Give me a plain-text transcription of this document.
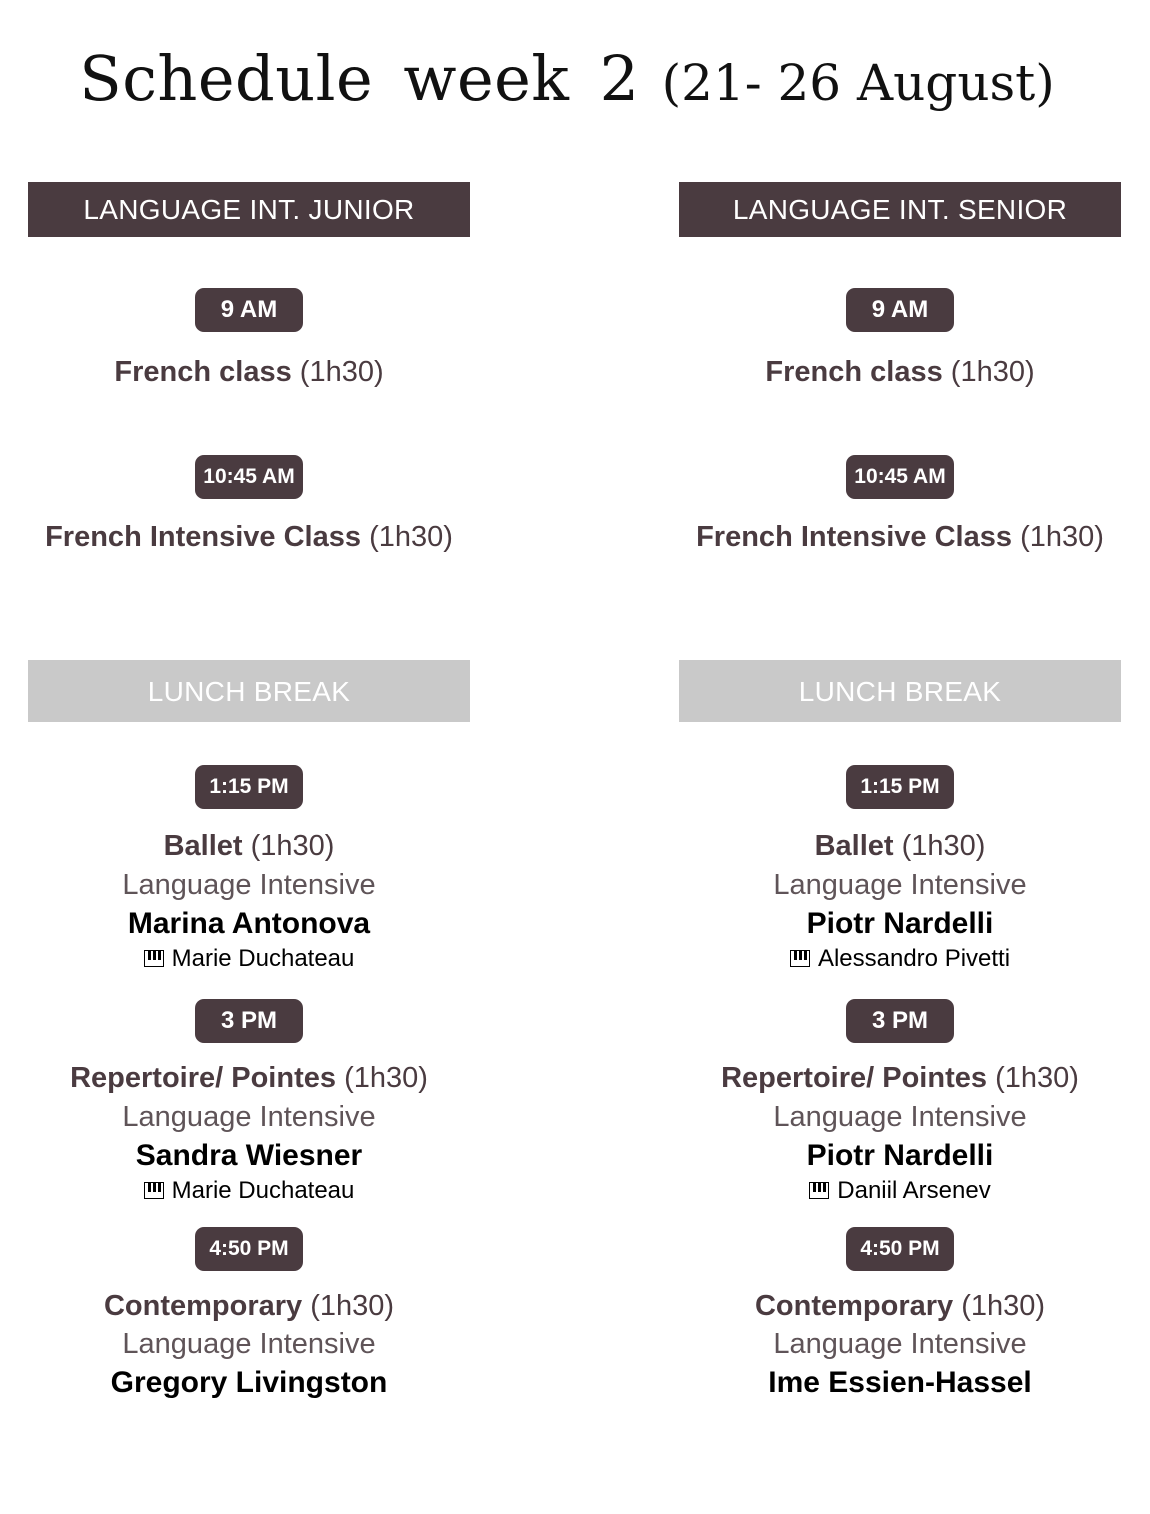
Schedule week 2 (21- 26 August)
LANGUAGE INT. JUNIOR
9 AM
French class (1h30)
10:45 AM
French Intensive Class (1h30)
LUNCH BREAK
1:15 PM
Ballet (1h30)
Language Intensive
Marina Antonova
Marie Duchateau
3 PM
Repertoire/ Pointes (1h30)
Language Intensive
Sandra Wiesner
Marie Duchateau
4:50 PM
Contemporary (1h30)
Language Intensive
Gregory Livingston
LANGUAGE INT. SENIOR
9 AM
French class (1h30)
10:45 AM
French Intensive Class (1h30)
LUNCH BREAK
1:15 PM
Ballet (1h30)
Language Intensive
Piotr Nardelli
Alessandro Pivetti
3 PM
Repertoire/ Pointes (1h30)
Language Intensive
Piotr Nardelli
Daniil Arsenev
4:50 PM
Contemporary (1h30)
Language Intensive
Ime Essien-Hassel
